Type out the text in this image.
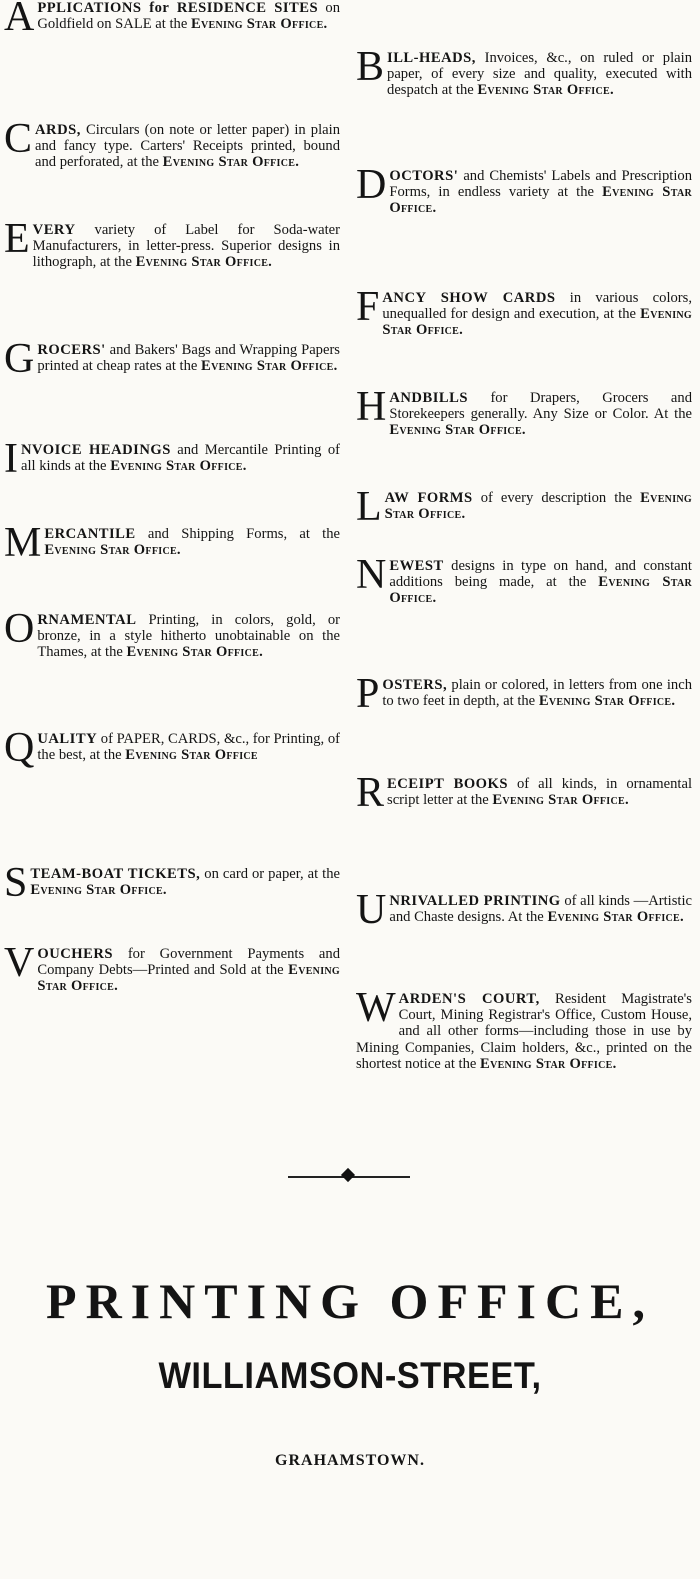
APPLICATIONS for RESIDENCE SITES on Goldfield on SALE at the Evening Star Office.
CARDS, Circulars (on note or letter paper) in plain and fancy type. Carters' Receipts printed, bound and perforated, at the Evening Star Office.
EVERY variety of Label for Soda-water Manufacturers, in letter-press. Superior designs in lithograph, at the Evening Star Office.
GROCERS' and Bakers' Bags and Wrapping Papers printed at cheap rates at the Evening Star Office.
INVOICE HEADINGS and Mercantile Printing of all kinds at the Evening Star Office.
MERCANTILE and Shipping Forms, at the Evening Star Office.
ORNAMENTAL Printing, in colors, gold, or bronze, in a style hitherto unobtainable on the Thames, at the Evening Star Office.
QUALITY of PAPER, CARDS, &c., for Printing, of the best, at the Evening Star Office
STEAM-BOAT TICKETS, on card or paper, at the Evening Star Office.
VOUCHERS for Government Payments and Company Debts—Printed and Sold at the Evening Star Office.
BILL-HEADS, Invoices, &c., on ruled or plain paper, of every size and quality, executed with despatch at the Evening Star Office.
DOCTORS' and Chemists' Labels and Prescription Forms, in endless variety at the Evening Star Office.
FANCY SHOW CARDS in various colors, unequalled for design and execution, at the Evening Star Office.
HANDBILLS for Drapers, Grocers and Storekeepers generally. Any Size or Color. At the Evening Star Office.
LAW FORMS of every description the Evening Star Office.
NEWEST designs in type on hand, and constant additions being made, at the Evening Star Office.
POSTERS, plain or colored, in letters from one inch to two feet in depth, at the Evening Star Office.
RECEIPT BOOKS of all kinds, in ornamental script letter at the Evening Star Office.
UNRIVALLED PRINTING of all kinds —Artistic and Chaste designs. At the Evening Star Office.
WARDEN'S COURT, Resident Magistrate's Court, Mining Registrar's Office, Custom House, and all other forms—including those in use by Mining Companies, Claim holders, &c., printed on the shortest notice at the Evening Star Office.
PRINTING OFFICE,
WILLIAMSON-STREET,
GRAHAMSTOWN.
